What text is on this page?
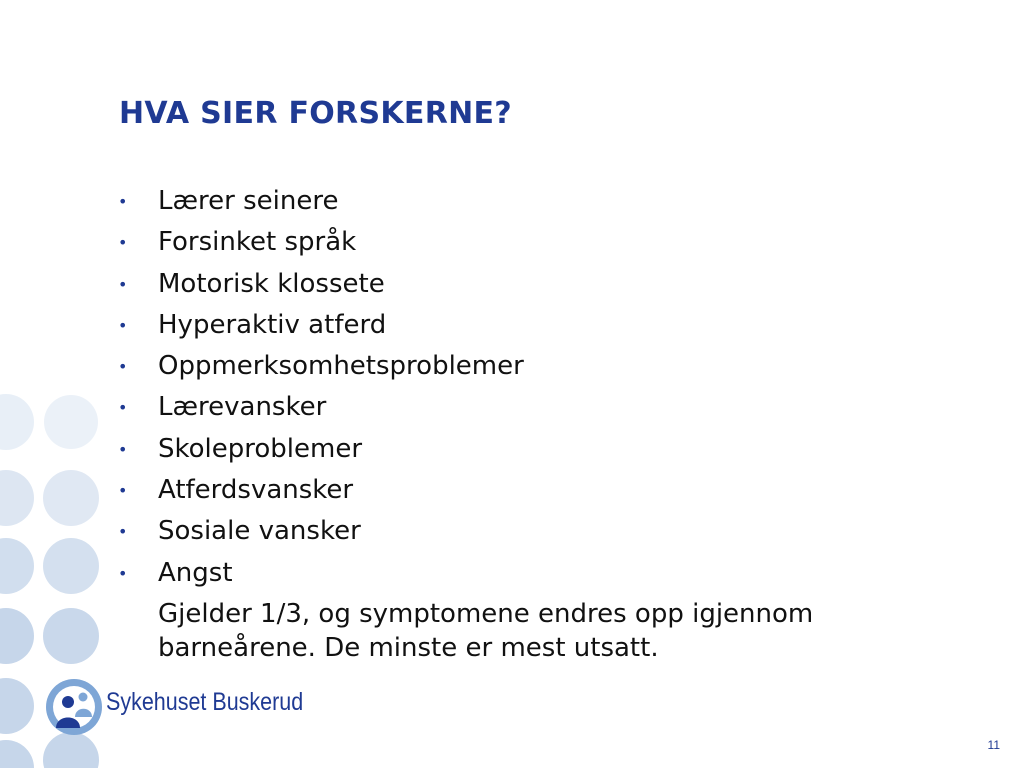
HVA SIER FORSKERNE?
• Lærer seinere
• Forsinket språk
• Motorisk klossete
• Hyperaktiv atferd
• Oppmerksomhetsproblemer
• Lærevansker
• Skoleproblemer
• Atferdsvansker
• Sosiale vansker
• Angst

Gjelder 1/3, og symptomene endres opp igjennom barneårene. De minste er mest utsatt.

Sykehuset Buskerud
11
